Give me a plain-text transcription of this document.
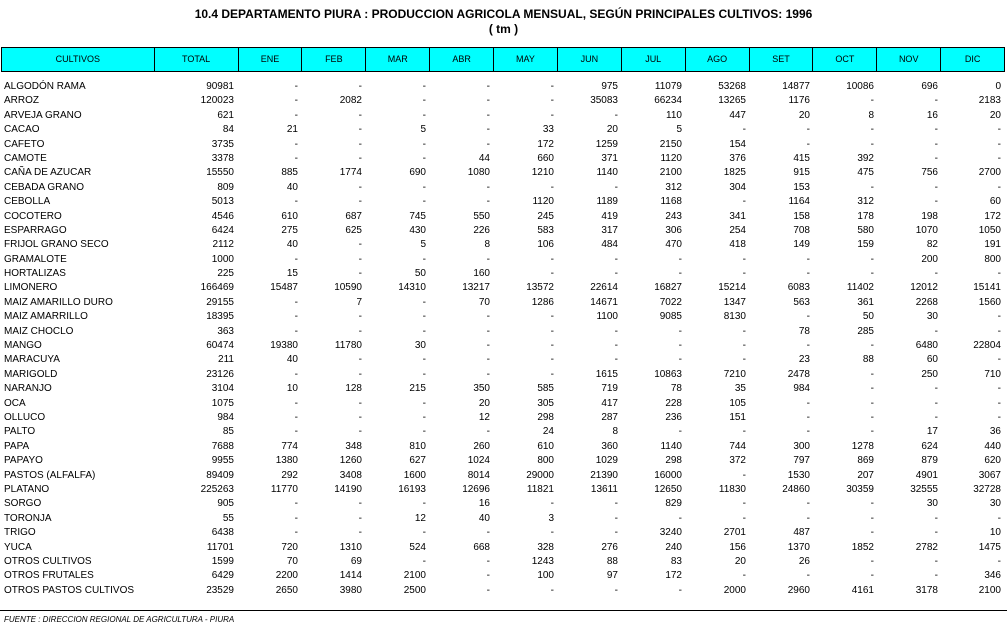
10.4 DEPARTAMENTO PIURA : PRODUCCION AGRICOLA MENSUAL, SEGÚN PRINCIPALES CULTIVOS: 1996
( tm )
CULTIVOS	TOTAL	ENE	FEB	MAR	ABR	MAY	JUN	JUL	AGO	SET	OCT	NOV	DIC
ALGODÓN RAMA	90981	-	-	-	-	-	975	11079	53268	14877	10086	696	0
ARROZ	120023	-	2082	-	-	-	35083	66234	13265	1176	-	-	2183
ARVEJA GRANO	621	-	-	-	-	-	-	110	447	20	8	16	20
CACAO	84	21	-	5	-	33	20	5	-	-	-	-	-
CAFETO	3735	-	-	-	-	172	1259	2150	154	-	-	-	-
CAMOTE	3378	-	-	-	44	660	371	1120	376	415	392	-	-
CAÑA DE AZUCAR	15550	885	1774	690	1080	1210	1140	2100	1825	915	475	756	2700
CEBADA GRANO	809	40	-	-	-	-	-	312	304	153	-	-	-
CEBOLLA	5013	-	-	-	-	1120	1189	1168	-	1164	312	-	60
COCOTERO	4546	610	687	745	550	245	419	243	341	158	178	198	172
ESPARRAGO	6424	275	625	430	226	583	317	306	254	708	580	1070	1050
FRIJOL GRANO SECO	2112	40	-	5	8	106	484	470	418	149	159	82	191
GRAMALOTE	1000	-	-	-	-	-	-	-	-	-	-	200	800
HORTALIZAS	225	15	-	50	160	-	-	-	-	-	-	-	-
LIMONERO	166469	15487	10590	14310	13217	13572	22614	16827	15214	6083	11402	12012	15141
MAIZ AMARILLO DURO	29155	-	7	-	70	1286	14671	7022	1347	563	361	2268	1560
MAIZ AMARRILLO	18395	-	-	-	-	-	1100	9085	8130	-	50	30	-
MAIZ CHOCLO	363	-	-	-	-	-	-	-	-	78	285	-	-
MANGO	60474	19380	11780	30	-	-	-	-	-	-	-	6480	22804
MARACUYA	211	40	-	-	-	-	-	-	-	23	88	60	-
MARIGOLD	23126	-	-	-	-	-	1615	10863	7210	2478	-	250	710
NARANJO	3104	10	128	215	350	585	719	78	35	984	-	-	-
OCA	1075	-	-	-	20	305	417	228	105	-	-	-	-
OLLUCO	984	-	-	-	12	298	287	236	151	-	-	-	-
PALTO	85	-	-	-	-	24	8	-	-	-	-	17	36
PAPA	7688	774	348	810	260	610	360	1140	744	300	1278	624	440
PAPAYO	9955	1380	1260	627	1024	800	1029	298	372	797	869	879	620
PASTOS (ALFALFA)	89409	292	3408	1600	8014	29000	21390	16000	-	1530	207	4901	3067
PLATANO	225263	11770	14190	16193	12696	11821	13611	12650	11830	24860	30359	32555	32728
SORGO	905	-	-	-	16	-	-	829	-	-	-	30	30
TORONJA	55	-	-	12	40	3	-	-	-	-	-	-	-
TRIGO	6438	-	-	-	-	-	-	3240	2701	487	-	-	10
YUCA	11701	720	1310	524	668	328	276	240	156	1370	1852	2782	1475
OTROS CULTIVOS	1599	70	69	-	-	1243	88	83	20	26	-	-	-
OTROS FRUTALES	6429	2200	1414	2100	-	100	97	172	-	-	-	-	346
OTROS PASTOS CULTIVOS	23529	2650	3980	2500	-	-	-	-	2000	2960	4161	3178	2100
FUENTE : DIRECCION REGIONAL DE AGRICULTURA - PIURA
